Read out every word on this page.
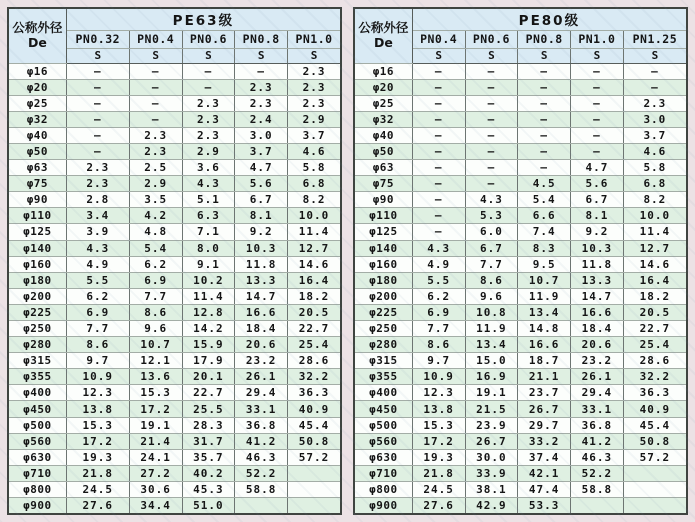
公称外径
De	PE63级				
	PN0.32	PN0.4	PN0.6	PN0.8	PN1.0
	S	S	S	S	S
φ16	—	—	—	—	2.3
φ20	—	—	—	2.3	2.3
φ25	—	—	2.3	2.3	2.3
φ32	—	—	2.3	2.4	2.9
φ40	—	2.3	2.3	3.0	3.7
φ50	—	2.3	2.9	3.7	4.6
φ63	2.3	2.5	3.6	4.7	5.8
φ75	2.3	2.9	4.3	5.6	6.8
φ90	2.8	3.5	5.1	6.7	8.2
φ110	3.4	4.2	6.3	8.1	10.0
φ125	3.9	4.8	7.1	9.2	11.4
φ140	4.3	5.4	8.0	10.3	12.7
φ160	4.9	6.2	9.1	11.8	14.6
φ180	5.5	6.9	10.2	13.3	16.4
φ200	6.2	7.7	11.4	14.7	18.2
φ225	6.9	8.6	12.8	16.6	20.5
φ250	7.7	9.6	14.2	18.4	22.7
φ280	8.6	10.7	15.9	20.6	25.4
φ315	9.7	12.1	17.9	23.2	28.6
φ355	10.9	13.6	20.1	26.1	32.2
φ400	12.3	15.3	22.7	29.4	36.3
φ450	13.8	17.2	25.5	33.1	40.9
φ500	15.3	19.1	28.3	36.8	45.4
φ560	17.2	21.4	31.7	41.2	50.8
φ630	19.3	24.1	35.7	46.3	57.2
φ710	21.8	27.2	40.2	52.2	
φ800	24.5	30.6	45.3	58.8	
φ900	27.6	34.4	51.0		
公称外径
De	PE80级				
	PN0.4	PN0.6	PN0.8	PN1.0	PN1.25
	S	S	S	S	S
φ16	—	—	—	—	—
φ20	—	—	—	—	—
φ25	—	—	—	—	2.3
φ32	—	—	—	—	3.0
φ40	—	—	—	—	3.7
φ50	—	—	—	—	4.6
φ63	—	—	—	4.7	5.8
φ75	—	—	4.5	5.6	6.8
φ90	—	4.3	5.4	6.7	8.2
φ110	—	5.3	6.6	8.1	10.0
φ125	—	6.0	7.4	9.2	11.4
φ140	4.3	6.7	8.3	10.3	12.7
φ160	4.9	7.7	9.5	11.8	14.6
φ180	5.5	8.6	10.7	13.3	16.4
φ200	6.2	9.6	11.9	14.7	18.2
φ225	6.9	10.8	13.4	16.6	20.5
φ250	7.7	11.9	14.8	18.4	22.7
φ280	8.6	13.4	16.6	20.6	25.4
φ315	9.7	15.0	18.7	23.2	28.6
φ355	10.9	16.9	21.1	26.1	32.2
φ400	12.3	19.1	23.7	29.4	36.3
φ450	13.8	21.5	26.7	33.1	40.9
φ500	15.3	23.9	29.7	36.8	45.4
φ560	17.2	26.7	33.2	41.2	50.8
φ630	19.3	30.0	37.4	46.3	57.2
φ710	21.8	33.9	42.1	52.2	
φ800	24.5	38.1	47.4	58.8	
φ900	27.6	42.9	53.3		
